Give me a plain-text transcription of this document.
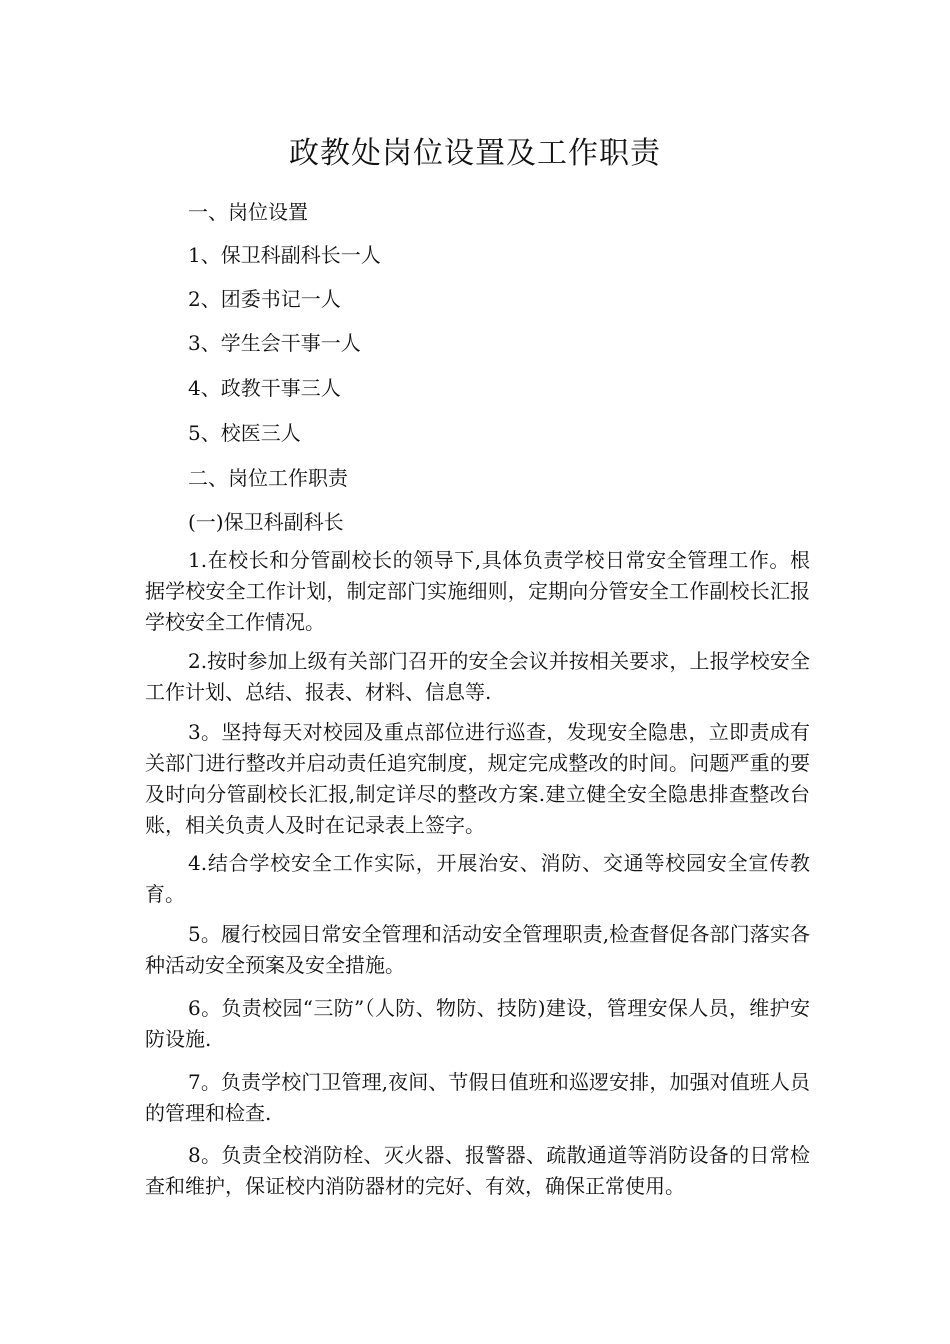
政教处岗位设置及工作职责

一、岗位设置

1、保卫科副科长一人

2、团委书记一人

3、学生会干事一人

4、政教干事三人

5、校医三人

二、岗位工作职责

(一)保卫科副科长

1.在校长和分管副校长的领导下,具体负责学校日常安全管理工作。根据学校安全工作计划，制定部门实施细则，定期向分管安全工作副校长汇报学校安全工作情况。

2.按时参加上级有关部门召开的安全会议并按相关要求，上报学校安全工作计划、总结、报表、材料、信息等.

3。坚持每天对校园及重点部位进行巡查，发现安全隐患，立即责成有关部门进行整改并启动责任追究制度，规定完成整改的时间。问题严重的要及时向分管副校长汇报,制定详尽的整改方案.建立健全安全隐患排查整改台账，相关负责人及时在记录表上签字。

4.结合学校安全工作实际，开展治安、消防、交通等校园安全宣传教育。

5。履行校园日常安全管理和活动安全管理职责,检查督促各部门落实各种活动安全预案及安全措施。

6。负责校园“三防”（人防、物防、技防)建设，管理安保人员，维护安防设施.

7。负责学校门卫管理,夜间、节假日值班和巡逻安排，加强对值班人员的管理和检查.

8。负责全校消防栓、灭火器、报警器、疏散通道等消防设备的日常检查和维护，保证校内消防器材的完好、有效，确保正常使用。
